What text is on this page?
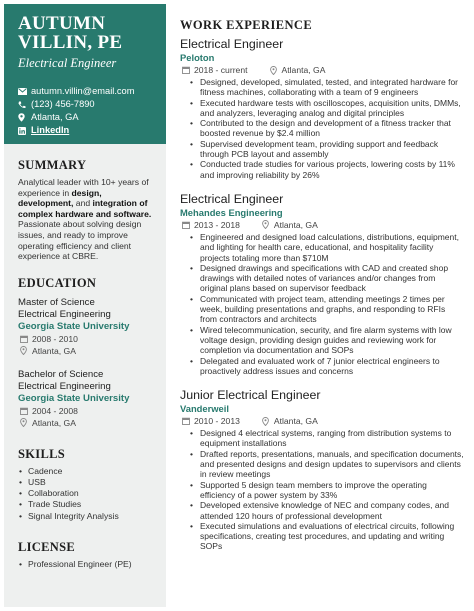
AUTUMN
VILLIN, PE
Electrical Engineer
autumn.villin@email.com
(123) 456-7890
Atlanta, GA
LinkedIn
SUMMARY
Analytical leader with 10+ years of experience in design, development, and integration of complex hardware and software. Passionate about solving design issues, and ready to improve operating efficiency and client experience at CBRE.
EDUCATION
Master of Science
Electrical Engineering
Georgia State University
2008 - 2010
Atlanta, GA
Bachelor of Science
Electrical Engineering
Georgia State University
2004 - 2008
Atlanta, GA
SKILLS
• Cadence
• USB
• Collaboration
• Trade Studies
• Signal Integrity Analysis
LICENSE
• Professional Engineer (PE)
WORK EXPERIENCE
Electrical Engineer
Peloton
2018 - current	Atlanta, GA
• Designed, developed, simulated, tested, and integrated hardware for fitness machines, collaborating with a team of 9 engineers
• Executed hardware tests with oscilloscopes, acquisition units, DMMs, and analyzers, leveraging analog and digital principles
• Contributed to the design and development of a fitness tracker that boosted revenue by $2.4 million
• Supervised development team, providing support and feedback through PCB layout and assembly
• Conducted trade studies for various projects, lowering costs by 11% and improving reliability by 26%
Electrical Engineer
Mehandes Engineering
2013 - 2018	Atlanta, GA
• Engineered and designed load calculations, distributions, equipment, and lighting for health care, educational, and hospitality facility projects totaling more than $710M
• Designed drawings and specifications with CAD and created shop drawings with detailed notes of variances and/or changes from original plans based on supervisor feedback
• Communicated with project team, attending meetings 2 times per week, building presentations and graphs, and responding to RFIs from contractors and architects
• Wired telecommunication, security, and fire alarm systems with low voltage design, providing design guides and reviewing work for completion via documentation and SOPs
• Delegated and evaluated work of 7 junior electrical engineers to proactively address issues and concerns
Junior Electrical Engineer
Vanderweil
2010 - 2013	Atlanta, GA
• Designed 4 electrical systems, ranging from distribution systems to equipment installations
• Drafted reports, presentations, manuals, and specification documents, and presented designs and design updates to supervisors and clients in review meetings
• Supported 5 design team members to improve the operating efficiency of a power system by 33%
• Developed extensive knowledge of NEC and company codes, and attended 120 hours of professional development
• Executed simulations and evaluations of electrical circuits, following specifications, creating test procedures, and updating and writing SOPs
